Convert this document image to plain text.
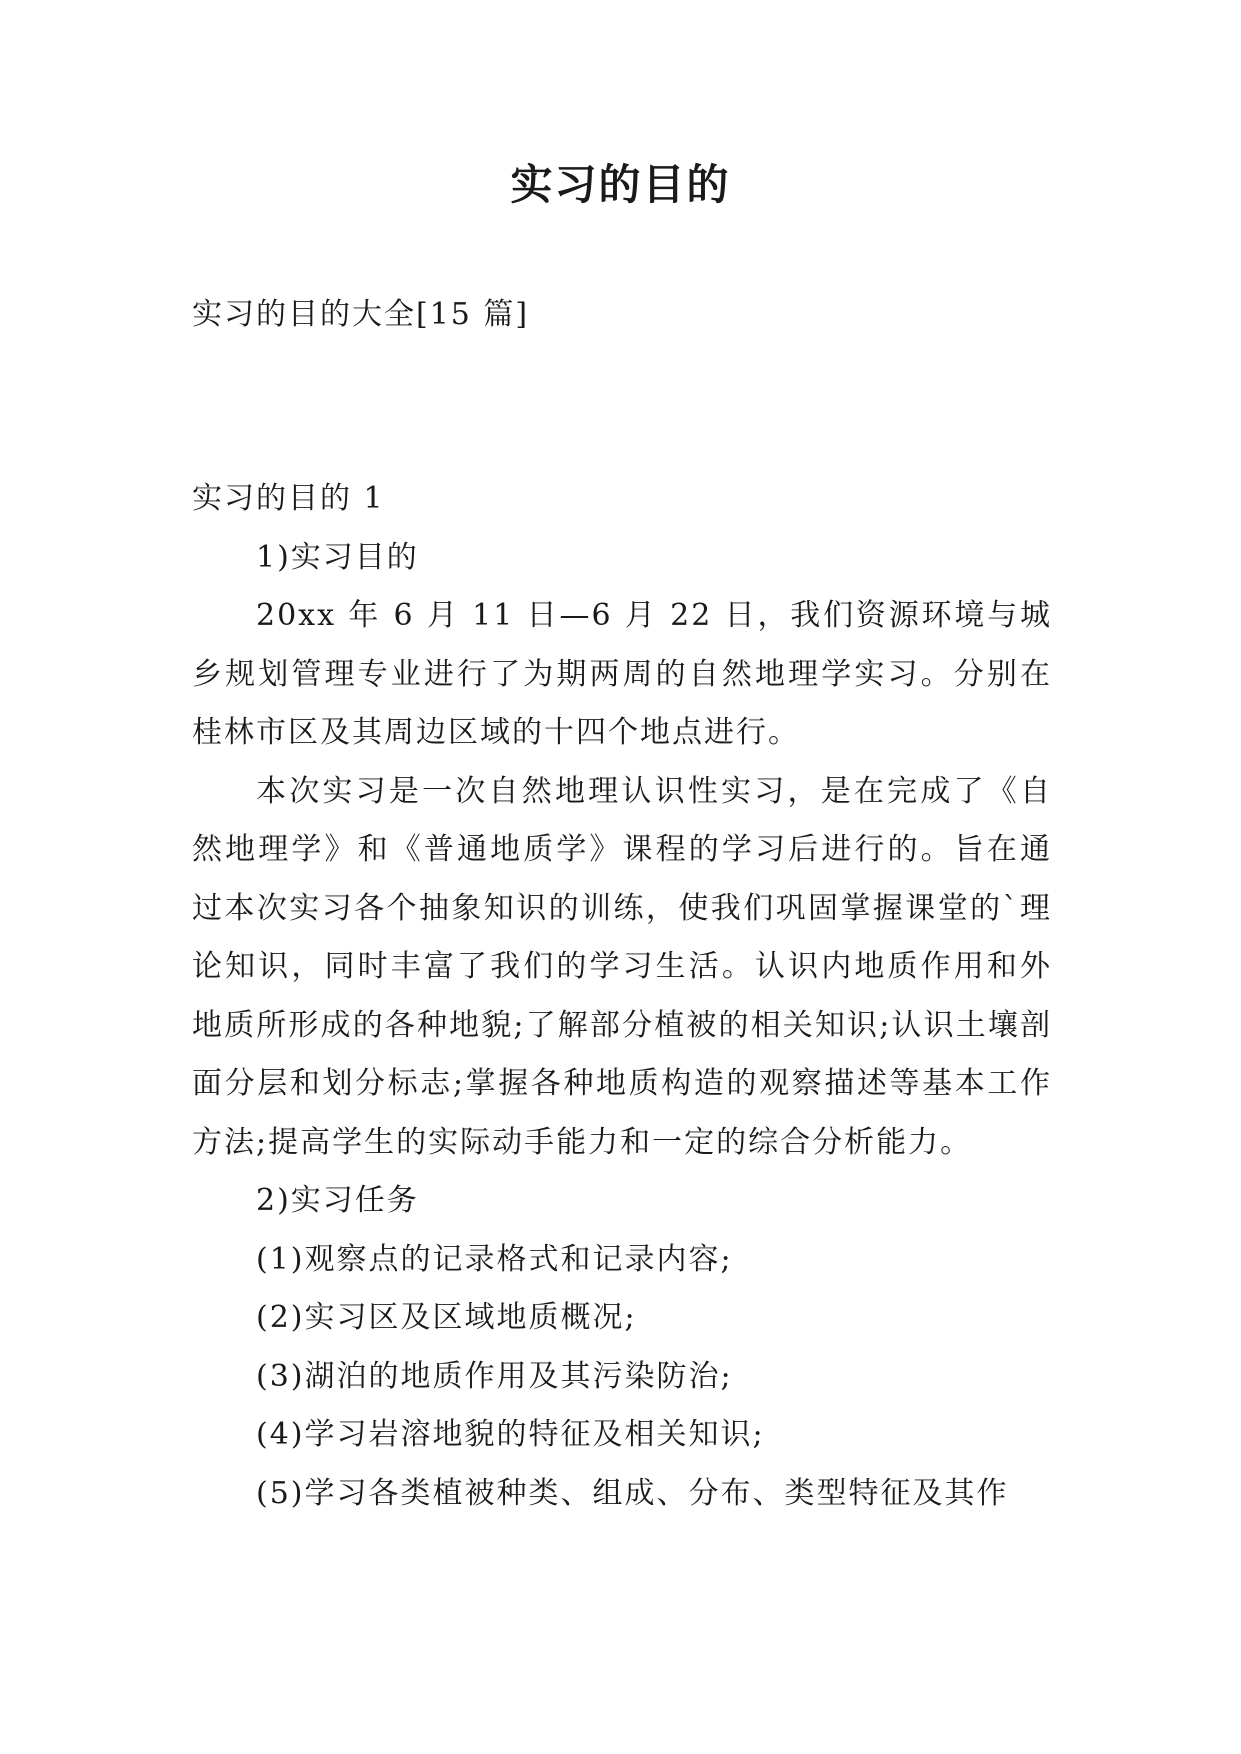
实习的目的

实习的目的大全[15 篇]

实习的目的 1

1)实习目的

20xx 年 6 月 11 日—6 月 22 日，我们资源环境与城乡规划管理专业进行了为期两周的自然地理学实习。分别在桂林市区及其周边区域的十四个地点进行。

本次实习是一次自然地理认识性实习，是在完成了《自然地理学》和《普通地质学》课程的学习后进行的。旨在通过本次实习各个抽象知识的训练，使我们巩固掌握课堂的`理论知识，同时丰富了我们的学习生活。认识内地质作用和外地质所形成的各种地貌;了解部分植被的相关知识;认识土壤剖面分层和划分标志;掌握各种地质构造的观察描述等基本工作方法;提高学生的实际动手能力和一定的综合分析能力。

2)实习任务

(1)观察点的记录格式和记录内容;

(2)实习区及区域地质概况;

(3)湖泊的地质作用及其污染防治;

(4)学习岩溶地貌的特征及相关知识;

(5)学习各类植被种类、组成、分布、类型特征及其作
